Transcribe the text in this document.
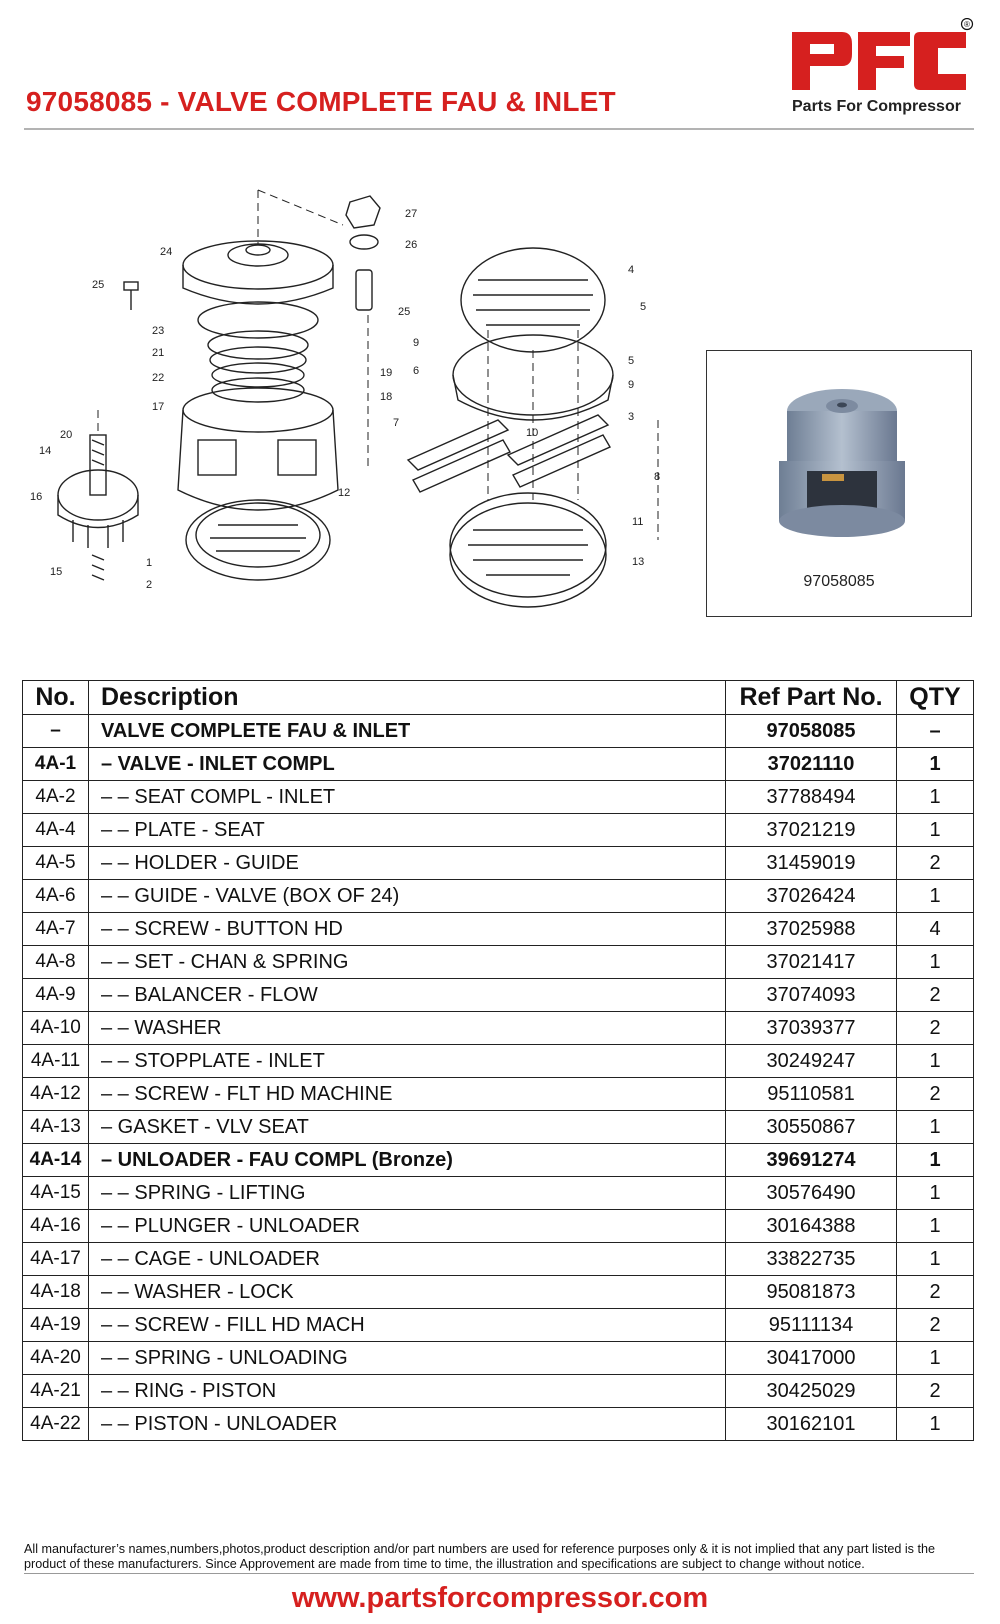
97058085 - VALVE COMPLETE FAU & INLET
®
Parts For Compressor
27
26
25
24
25
23
21
22
17
19
18
20
14
16
15
1
2
12
7
9
6
10
4
5
5
9
8
11
13
3
97058085
No.	Description	Ref Part No.	QTY
–	VALVE COMPLETE FAU & INLET	97058085	–
4A-1	– VALVE - INLET COMPL	37021110	1
4A-2	– – SEAT COMPL - INLET	37788494	1
4A-4	– – PLATE - SEAT	37021219	1
4A-5	– – HOLDER - GUIDE	31459019	2
4A-6	– – GUIDE - VALVE (BOX OF 24)	37026424	1
4A-7	– – SCREW - BUTTON HD	37025988	4
4A-8	– – SET - CHAN & SPRING	37021417	1
4A-9	– – BALANCER - FLOW	37074093	2
4A-10	– – WASHER	37039377	2
4A-11	– – STOPPLATE - INLET	30249247	1
4A-12	– – SCREW - FLT HD MACHINE	95110581	2
4A-13	– GASKET - VLV SEAT	30550867	1
4A-14	– UNLOADER - FAU COMPL (Bronze)	39691274	1
4A-15	– – SPRING - LIFTING	30576490	1
4A-16	– – PLUNGER - UNLOADER	30164388	1
4A-17	– – CAGE - UNLOADER	33822735	1
4A-18	– – WASHER - LOCK	95081873	2
4A-19	– – SCREW - FILL HD MACH	95111134	2
4A-20	– – SPRING - UNLOADING	30417000	1
4A-21	– – RING - PISTON	30425029	2
4A-22	– – PISTON - UNLOADER	30162101	1
All manufacturer’s names,numbers,photos,product description and/or part numbers are used for reference purposes only & it is not implied that any part listed is the product of these manufacturers. Since Approvement are made from time to time, the illustration and specifications are subject to change without notice.
www.partsforcompressor.com
